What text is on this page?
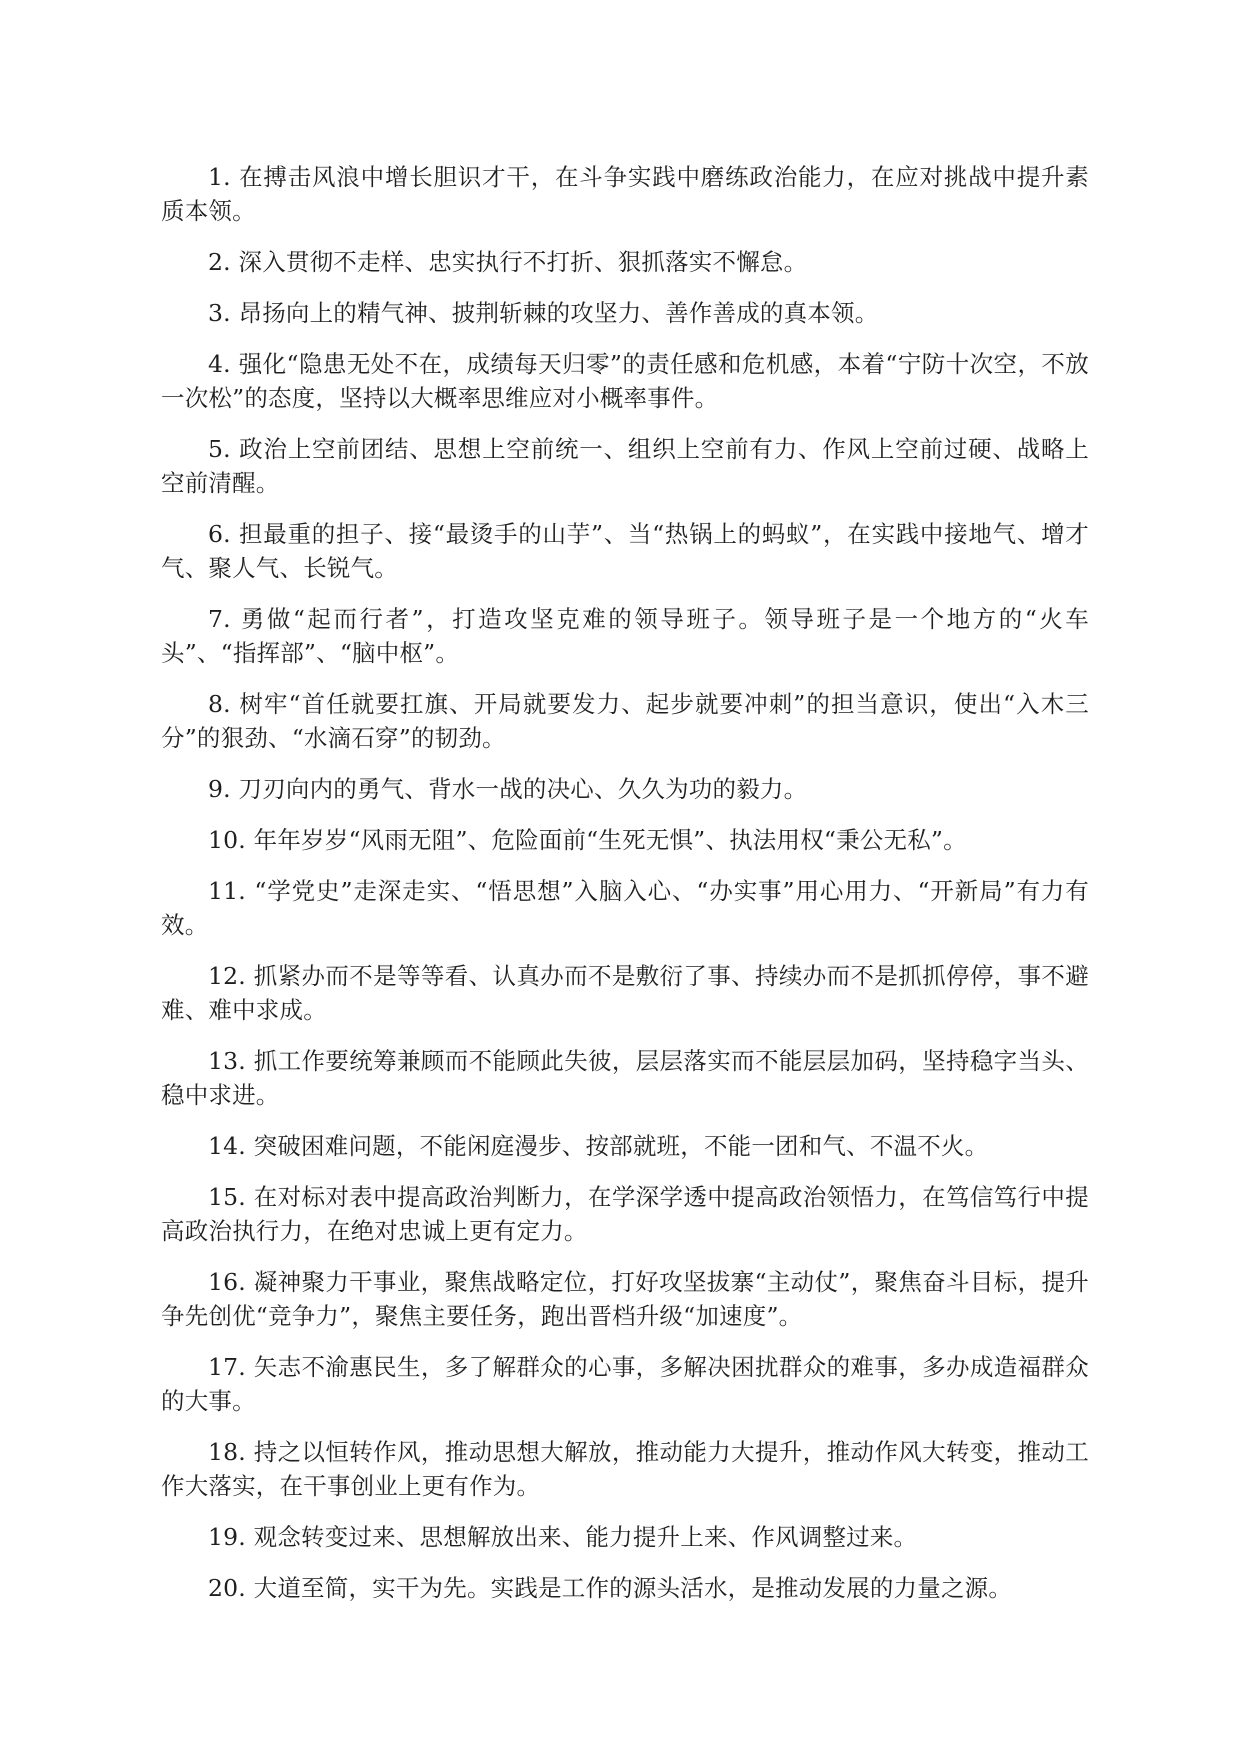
1. 在搏击风浪中增长胆识才干，在斗争实践中磨练政治能力，在应对挑战中提升素质本领。

2. 深入贯彻不走样、忠实执行不打折、狠抓落实不懈怠。

3. 昂扬向上的精气神、披荆斩棘的攻坚力、善作善成的真本领。

4. 强化“隐患无处不在，成绩每天归零”的责任感和危机感，本着“宁防十次空，不放一次松”的态度，坚持以大概率思维应对小概率事件。

5. 政治上空前团结、思想上空前统一、组织上空前有力、作风上空前过硬、战略上空前清醒。

6. 担最重的担子、接“最烫手的山芋”、当“热锅上的蚂蚁”，在实践中接地气、增才气、聚人气、长锐气。

7. 勇做“起而行者”，打造攻坚克难的领导班子。领导班子是一个地方的“火车头”、“指挥部”、“脑中枢”。

8. 树牢“首任就要扛旗、开局就要发力、起步就要冲刺”的担当意识，使出“入木三分”的狠劲、“水滴石穿”的韧劲。

9. 刀刃向内的勇气、背水一战的决心、久久为功的毅力。

10. 年年岁岁“风雨无阻”、危险面前“生死无惧”、执法用权“秉公无私”。

11. “学党史”走深走实、“悟思想”入脑入心、“办实事”用心用力、“开新局”有力有效。

12. 抓紧办而不是等等看、认真办而不是敷衍了事、持续办而不是抓抓停停，事不避难、难中求成。

13. 抓工作要统筹兼顾而不能顾此失彼，层层落实而不能层层加码，坚持稳字当头、稳中求进。

14. 突破困难问题，不能闲庭漫步、按部就班，不能一团和气、不温不火。

15. 在对标对表中提高政治判断力，在学深学透中提高政治领悟力，在笃信笃行中提高政治执行力，在绝对忠诚上更有定力。

16. 凝神聚力干事业，聚焦战略定位，打好攻坚拔寨“主动仗”，聚焦奋斗目标，提升争先创优“竞争力”，聚焦主要任务，跑出晋档升级“加速度”。

17. 矢志不渝惠民生，多了解群众的心事，多解决困扰群众的难事，多办成造福群众的大事。

18. 持之以恒转作风，推动思想大解放，推动能力大提升，推动作风大转变，推动工作大落实，在干事创业上更有作为。

19. 观念转变过来、思想解放出来、能力提升上来、作风调整过来。

20. 大道至简，实干为先。实践是工作的源头活水，是推动发展的力量之源。
